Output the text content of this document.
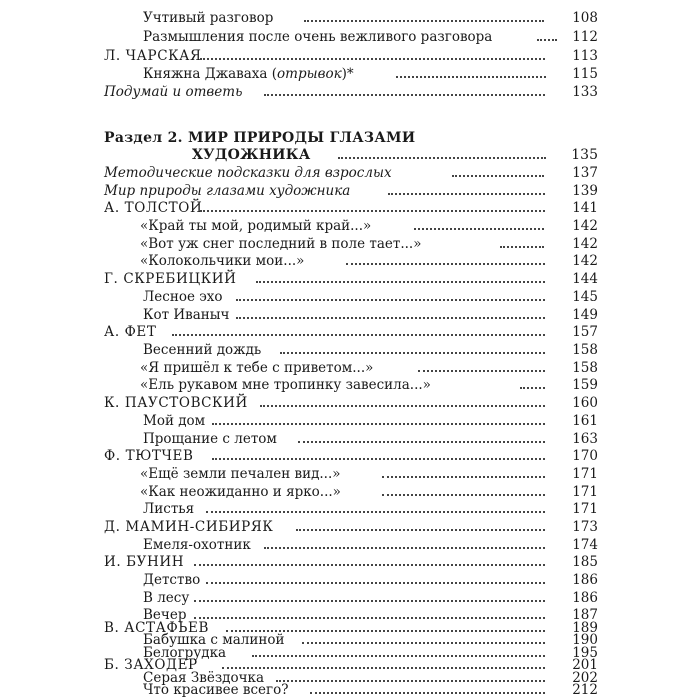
Учтивый разговор	108
Размышления после очень вежливого разговора	112
Л. ЧАРСКАЯ	113
Княжна Джаваха (отрывок)*	115
Подумай и ответь	133
Раздел 2. МИР ПРИРОДЫ ГЛАЗАМИ
ХУДОЖНИКА	135
Методические подсказки для взрослых	137
Мир природы глазами художника	139
А. ТОЛСТОЙ	141
«Край ты мой, родимый край...»	142
«Вот уж снег последний в поле тает...»	142
«Колокольчики мои...»	142
Г. СКРЕБИЦКИЙ	144
Лесное эхо	145
Кот Иваныч	149
А. ФЕТ	157
Весенний дождь	158
«Я пришёл к тебе с приветом...»	158
«Ель рукавом мне тропинку завесила...»	159
К. ПАУСТОВСКИЙ	160
Мой дом	161
Прощание с летом	163
Ф. ТЮТЧЕВ	170
«Ещё земли печален вид...»	171
«Как неожиданно и ярко...»	171
Листья	171
Д. МАМИН-СИБИРЯК	173
Емеля-охотник	174
И. БУНИН	185
Детство	186
В лесу	186
Вечер	187
В. АСТАФЬЕВ	189
Бабушка с малиной	190
Белогрудка	195
Б. ЗАХОДЕР	201
Серая Звёздочка	202
Что красивее всего?	212
